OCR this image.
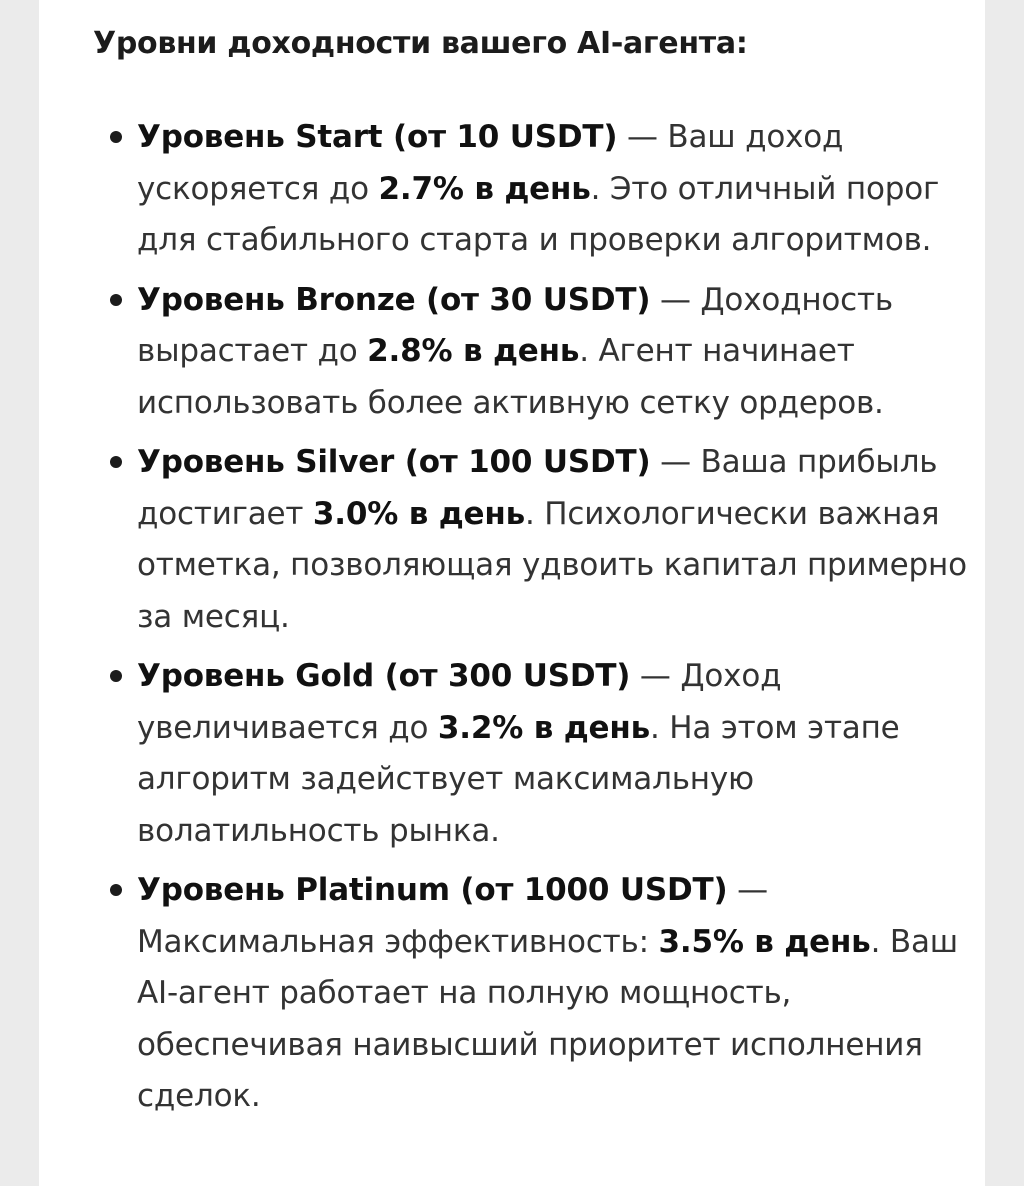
Уровни доходности вашего AI-агента:
Уровень Start (от 10 USDT) — Ваш доход ускоряется до 2.7% в день. Это отличный порог для стабильного старта и проверки алгоритмов.
Уровень Bronze (от 30 USDT) — Доходность вырастает до 2.8% в день. Агент начинает использовать более активную сетку ордеров.
Уровень Silver (от 100 USDT) — Ваша прибыль достигает 3.0% в день. Психологически важная отметка, позволяющая удвоить капитал примерно за месяц.
Уровень Gold (от 300 USDT) — Доход увеличивается до 3.2% в день. На этом этапе алгоритм задействует максимальную волатильность рынка.
Уровень Platinum (от 1000 USDT) — Максимальная эффективность: 3.5% в день. Ваш AI-агент работает на полную мощность, обеспечивая наивысший приоритет исполнения сделок.
